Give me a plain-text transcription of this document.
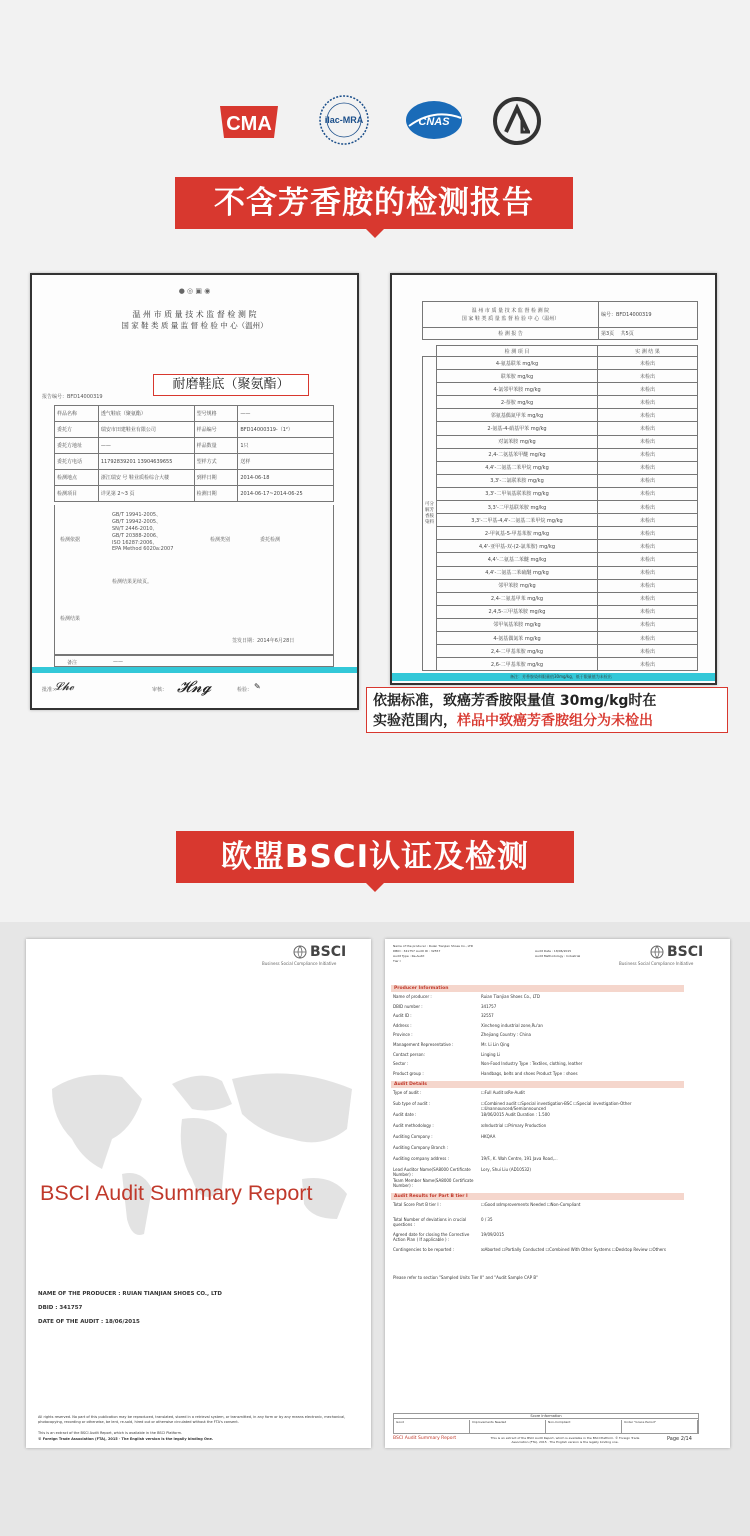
CMA	ilac-MRA	CNAS
不含芳香胺的检测报告
● ◎ ▣ ◉
温 州 市 质 量 技 术 监 督 检 测 院
国 家 鞋 类 质 量 监 督 检 验 中 心（温州）
报告编号：BFD14000319
样品名称	透气鞋底（聚氨酯）	型号规格	——
委托方	瑞安市田建鞋业有限公司	样品编号	BFD14000319-（1²）
委托方地址	——	样品数量	1只
委托方电话	11792839201 13904639655	型样方式	送样
检测地点	浙江瑞安 号 鞋业质检综合大楼	到样日期	2014-06-18
检测项目	详见第 2~3 页	检测日期	2014-06-17~2014-06-25
检测依据
GB/T 19941-2005、
GB/T 19942-2005、
SN/T 2446-2010、
GB/T 20388-2006、
ISO 16287:2006、
EPA Method 6020a:2007
检测类别	委托检测
检测结果
检测结果见续页。
签发日期：2014年6月28日
备注	——
批准：
𝓛𝓱𝓮	审核： 𝓗𝓷𝓰	检验： ✎
耐磨鞋底（聚氨酯）
温 州 市 质 量 技 术 监 督 检 测 院
国 家 鞋 类 质 量 监 督 检 验 中 心（温州）	编号：BFD14000319
检 测 报 告	第3页 共5页
	检 测 项 目	实 测 结 果
可分解芳香胺染料	4-氨基联苯 mg/kg	未检出
	联苯胺 mg/kg	未检出
	4-氯邻甲苯胺 mg/kg	未检出
	2-萘胺 mg/kg	未检出
	邻氨基偶氮甲苯 mg/kg	未检出
	2-氨基-4-硝基甲苯 mg/kg	未检出
	对氯苯胺 mg/kg	未检出
	2,4-二氨基苯甲醚 mg/kg	未检出
	4,4'-二氨基二苯甲烷 mg/kg	未检出
	3,3'-二氯联苯胺 mg/kg	未检出
	3,3'-二甲氧基联苯胺 mg/kg	未检出
	3,3'-二甲基联苯胺 mg/kg	未检出
	3,3'-二甲基-4,4'-二氨基二苯甲烷 mg/kg	未检出
	2-甲氧基-5-甲基苯胺 mg/kg	未检出
	4,4'-亚甲基-双-(2-氯苯胺) mg/kg	未检出
	4,4'-二氨基二苯醚 mg/kg	未检出
	4,4'-二氨基二苯硫醚 mg/kg	未检出
	邻甲苯胺 mg/kg	未检出
	2,4-二氨基甲苯 mg/kg	未检出
	2,4,5-三甲基苯胺 mg/kg	未检出
	邻甲氧基苯胺 mg/kg	未检出
	4-氨基偶氮苯 mg/kg	未检出
	2,4-二甲基苯胺 mg/kg	未检出
	2,6-二甲基苯胺 mg/kg	未检出
备注：芳香胺染料限量值30mg/kg，低于限量值为未检出
依据标准，致癌芳香胺限量值 30mg/kg时在
实验范围内，样品中致癌芳香胺组分为未检出
欧盟BSCI认证及检测
BSCI
Business Social Compliance Initiative
BSCI Audit Summary Report
NAME OF THE PRODUCER : RUIAN TIANJIAN SHOES CO., LTD
DBID : 341757
DATE OF THE AUDIT : 18/06/2015
All rights reserved. No part of this publication may be reproduced, translated, stored in a retrieval system, or transmitted, in any form or by any means electronic, mechanical, photocopying, recording or otherwise, be lent, re-sold, hired out or otherwise circulated without the FTA's consent.
This is an extract of the BSCI Audit Report, which is available in the BSCI Platform.
© Foreign Trade Association (FTA), 2015 · The English version is the legally binding One.
Name of the producer : Ruian Tianjian Shoes Co., LTD
DBID : 341757 Audit ID : 32557
Audit Type : Re-Audit
Tier I
Audit Date : 18/06/2015
Audit Methodology : Industrial	BSCI
Business Social Compliance Initiative
Producer Information
Name of producer :	Ruian Tianjian Shoes Co., LTD
DBID number :	341757
Audit ID :	32557
Address :	Xincheng industrial zone,Ru'an
Province :	Zhejiang Country : China
Management Representative :	Mr. Li Lin Qing
Contact person:	Linging Li
Sector :	Non-Food Industry Type : Textiles, clothing, leather
Product group :	Handbags, belts and shoes Product Type : shoes
Audit Details
Type of audit :	☐Full Audit ☒Re-Audit
Sub type of audit :	☐Combined audit ☐Special investigation-BSC ☐Special investigation-Other ☐Unannounced/Semiannounced
Audit date :	18/06/2015 Audit Duration : 1.500
Audit methodology :	☒Industrial ☐Primary Production
Auditing Company :	HKQAA
Auditing Company Branch :
Auditing company address :	19/F., K. Wah Centre, 191 Java Road,...
Lead Auditor Name(SA8000 Certificate Number) :
Lory, Shui Liu (AD10532)
Team Member Name(SA8000 Certificate Number) :
Audit Results for Part B tier I
Total Score Part B tier I :	☐Good ☒Improvements Needed ☐Non-Compliant
Total Number of deviations in crucial questions :
0 / 35
Agreed date for closing the Corrective Action Plan ( If applicable ) :
19/09/2015
Contingencies to be reported :	☒Aborted ☐Partially Conducted ☐Combined With Other Systems ☐Desktop Review ☐Others
Please refer to section "Sampled Units Tier II" and "Audit Sample CAP B"
Score Information
Good	Improvements Needed	Non-Compliant	Under "Grace Period"
BSCI Audit Summary Report	This is an extract of the BSCI Audit Report, which is available in the BSCI Platform. © Foreign Trade Association (FTA), 2015 · The English version is the legally binding one.	Page 2/14
